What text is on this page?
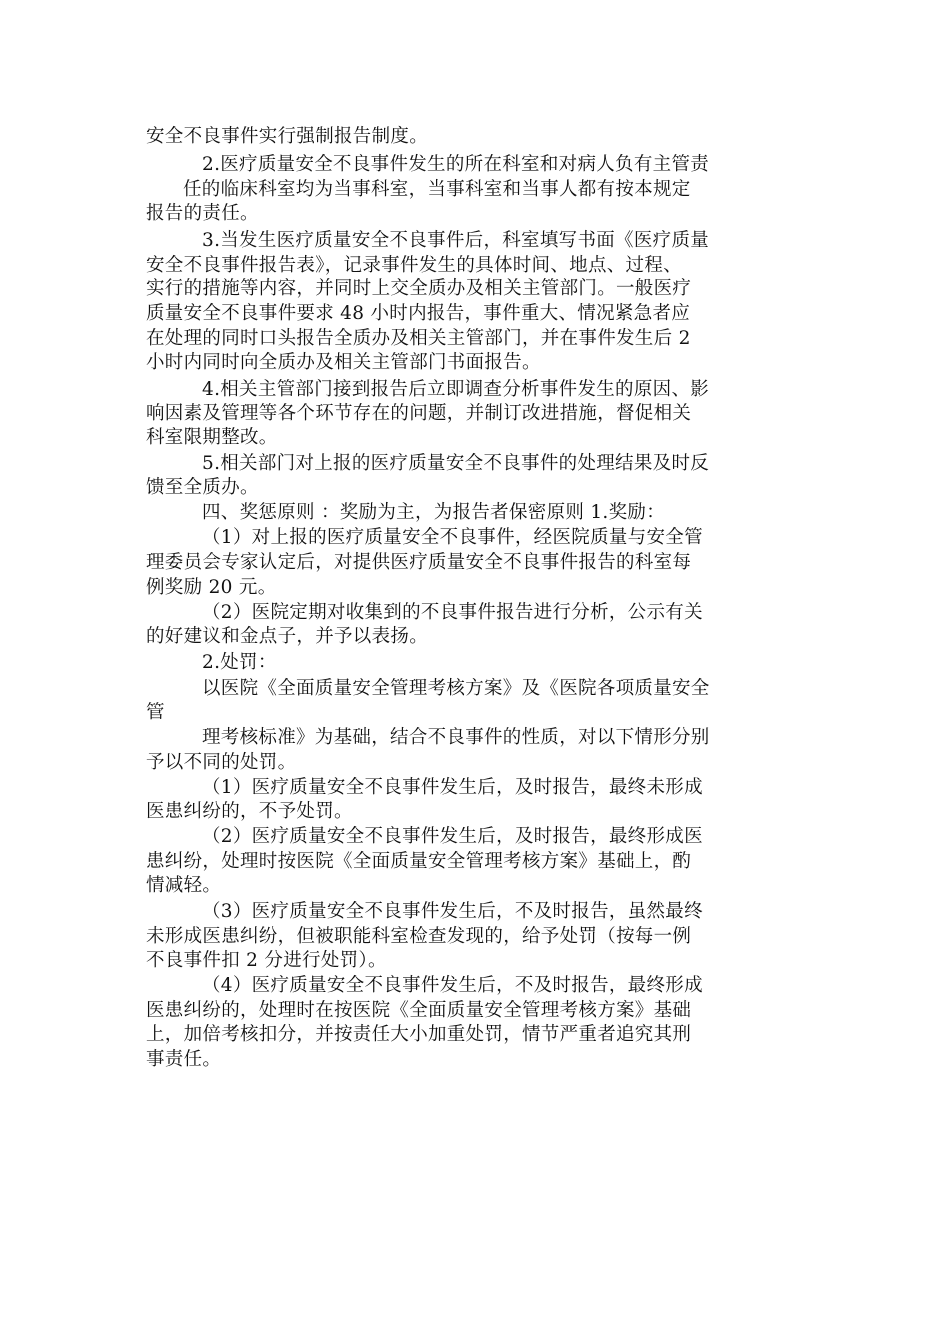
安全不良事件实行强制报告制度。
2.医疗质量安全不良事件发生的所在科室和对病人负有主管责
任的临床科室均为当事科室，当事科室和当事人都有按本规定
报告的责任。
3.当发生医疗质量安全不良事件后，科室填写书面《医疗质量
安全不良事件报告表》，记录事件发生的具体时间、地点、过程、
实行的措施等内容，并同时上交全质办及相关主管部门。一般医疗
质量安全不良事件要求 48 小时内报告，事件重大、情况紧急者应
在处理的同时口头报告全质办及相关主管部门，并在事件发生后 2
小时内同时向全质办及相关主管部门书面报告。
4.相关主管部门接到报告后立即调查分析事件发生的原因、影
响因素及管理等各个环节存在的问题，并制订改进措施，督促相关
科室限期整改。
5.相关部门对上报的医疗质量安全不良事件的处理结果及时反
馈至全质办。
四、奖惩原则 ：奖励为主，为报告者保密原则 1.奖励：
（1）对上报的医疗质量安全不良事件，经医院质量与安全管
理委员会专家认定后，对提供医疗质量安全不良事件报告的科室每
例奖励 20 元。
（2）医院定期对收集到的不良事件报告进行分析，公示有关
的好建议和金点子，并予以表扬。
2.处罚：
以医院《全面质量安全管理考核方案》及《医院各项质量安全
管
理考核标准》为基础，结合不良事件的性质，对以下情形分别
予以不同的处罚。
（1）医疗质量安全不良事件发生后，及时报告，最终未形成
医患纠纷的，不予处罚。
（2）医疗质量安全不良事件发生后，及时报告，最终形成医
患纠纷，处理时按医院《全面质量安全管理考核方案》基础上，酌
情减轻。
（3）医疗质量安全不良事件发生后，不及时报告，虽然最终
未形成医患纠纷，但被职能科室检查发现的，给予处罚（按每一例
不良事件扣 2 分进行处罚）。
（4）医疗质量安全不良事件发生后，不及时报告，最终形成
医患纠纷的，处理时在按医院《全面质量安全管理考核方案》基础
上，加倍考核扣分，并按责任大小加重处罚，情节严重者追究其刑
事责任。
